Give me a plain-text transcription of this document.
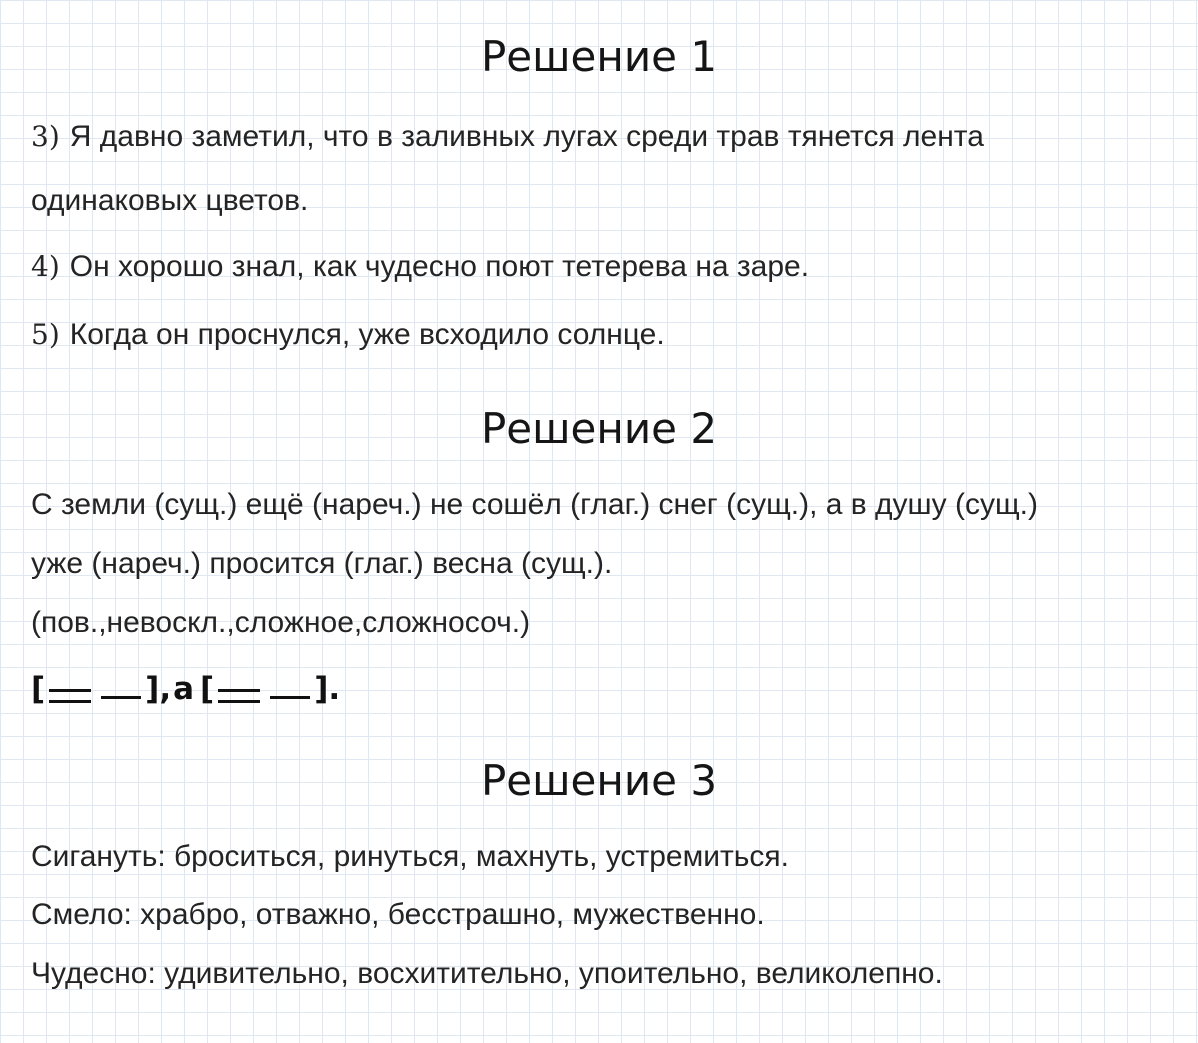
Решение 1
3) Я давно заметил, что в заливных лугах среди трав тянется лента
одинаковых цветов.
4) Он хорошо знал, как чудесно поют тетерева на заре.
5) Когда он проснулся, уже всходило солнце.
Решение 2
С земли (сущ.) ещё (нареч.) не сошёл (глаг.) снег (сущ.), а в душу (сущ.)
уже (нареч.) просится (глаг.) весна (сущ.).
(пов.,невоскл.,сложное,сложносоч.)
[	], а [	].
Решение 3
Сигануть: броситься, ринуться, махнуть, устремиться.
Смело: храбро, отважно, бесстрашно, мужественно.
Чудесно: удивительно, восхитительно, упоительно, великолепно.
